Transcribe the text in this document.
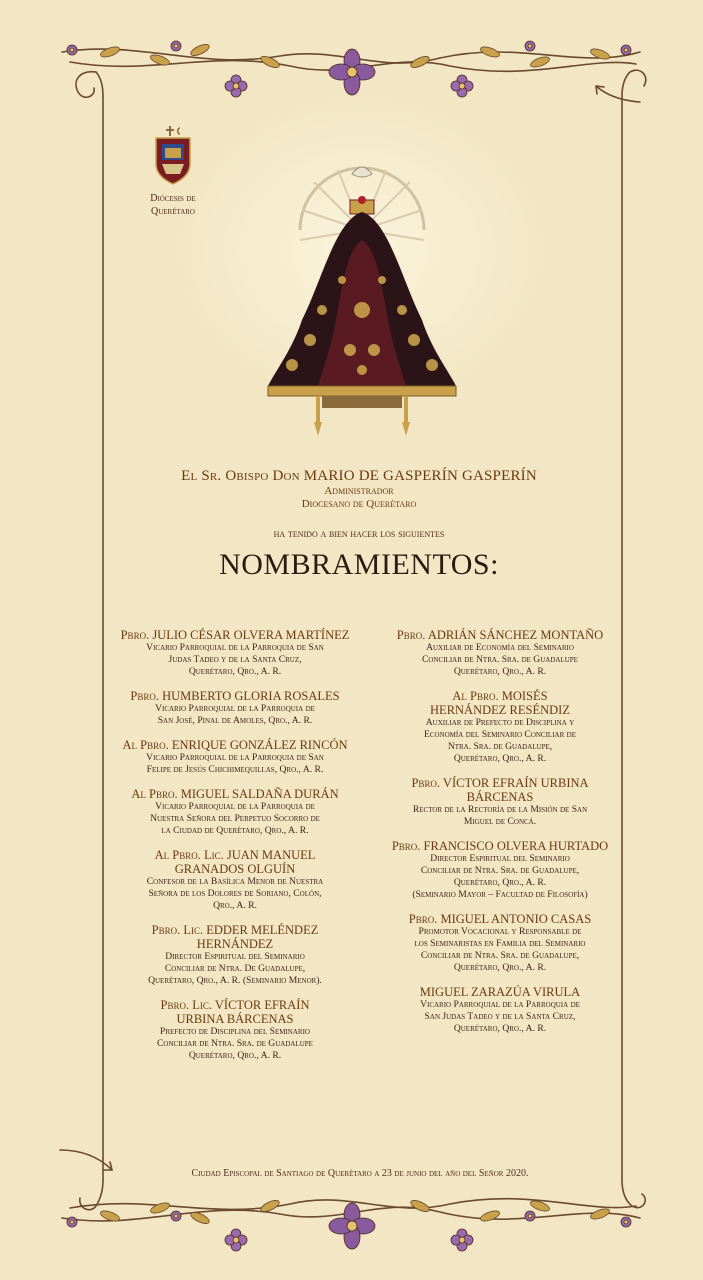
Diócesis de
Querétaro
El Sr. Obispo Don MARIO DE GASPERÍN GASPERÍN
Administrador
Diocesano de Querétaro
ha tenido a bien hacer los siguientes
NOMBRAMIENTOS:
Pbro. JULIO CÉSAR OLVERA MARTÍNEZ
Vicario Parroquial de la Parroquia de San
Judas Tadeo y de la Santa Cruz,
Querétaro, Qro., A. R.
Pbro. HUMBERTO GLORIA ROSALES
Vicario Parroquial de la Parroquia de
San José, Pinal de Amoles, Qro., A. R.
Al Pbro. ENRIQUE GONZÁLEZ RINCÓN
Vicario Parroquial de la Parroquia de San
Felipe de Jesús Chichimequillas, Qro., A. R.
Al Pbro. MIGUEL SALDAÑA DURÁN
Vicario Parroquial de la Parroquia de
Nuestra Señora del Perpetuo Socorro de
la Ciudad de Querétaro, Qro., A. R.
Al Pbro. Lic. JUAN MANUEL
GRANADOS OLGUÍN
Confesor de la Basílica Menor de Nuestra
Señora de los Dolores de Soriano, Colón,
Qro., A. R.
Pbro. Lic. EDDER MELÉNDEZ
HERNÁNDEZ
Director Espiritual del Seminario
Conciliar de Ntra. De Guadalupe,
Querétaro, Qro., A. R. (Seminario Menor).
Pbro. Lic. VÍCTOR EFRAÍN
URBINA BÁRCENAS
Prefecto de Disciplina del Seminario
Conciliar de Ntra. Sra. de Guadalupe
Querétaro, Qro., A. R.
Pbro. ADRIÁN SÁNCHEZ MONTAÑO
Auxiliar de Economía del Seminario
Conciliar de Ntra. Sra. de Guadalupe
Querétaro, Qro., A. R.
Al Pbro. MOISÉS
HERNÁNDEZ RESÉNDIZ
Auxiliar de Prefecto de Disciplina y
Economía del Seminario Conciliar de
Ntra. Sra. de Guadalupe,
Querétaro, Qro., A. R.
Pbro. VÍCTOR EFRAÍN URBINA
BÁRCENAS
Rector de la Rectoría de la Misión de San
Miguel de Concá.
Pbro. FRANCISCO OLVERA HURTADO
Director Espiritual del Seminario
Conciliar de Ntra. Sra. de Guadalupe,
Querétaro, Qro., A. R.
(Seminario Mayor – Facultad de Filosofía)
Pbro. MIGUEL ANTONIO CASAS
Promotor Vocacional y Responsable de
los Seminaristas en Familia del Seminario
Conciliar de Ntra. Sra. de Guadalupe,
Querétaro, Qro., A. R.
MIGUEL ZARAZÚA VIRULA
Vicario Parroquial de la Parroquia de
San Judas Tadeo y de la Santa Cruz,
Querétaro, Qro., A. R.
Ciudad Episcopal de Santiago de Querétaro a 23 de junio del año del Señor 2020.
